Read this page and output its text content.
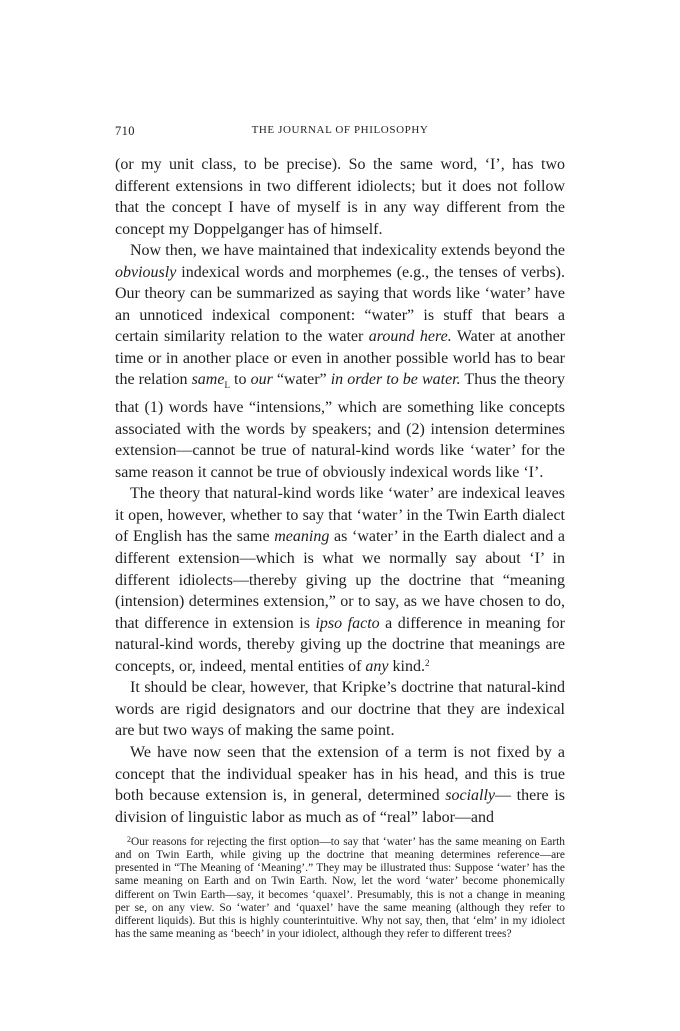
710	THE JOURNAL OF PHILOSOPHY

(or my unit class, to be precise). So the same word, ‘I’, has two different extensions in two different idiolects; but it does not follow that the concept I have of myself is in any way different from the concept my Doppelganger has of himself.

Now then, we have maintained that indexicality extends beyond the obviously indexical words and morphemes (e.g., the tenses of verbs). Our theory can be summarized as saying that words like ‘water’ have an unnoticed indexical component: “water” is stuff that bears a certain similarity relation to the water around here. Water at another time or in another place or even in another possible world has to bear the relation same$_L$ to our “water” in order to be water. Thus the theory that (1) words have “intensions,” which are something like concepts associated with the words by speakers; and (2) intension determines extension—cannot be true of natural-kind words like ‘water’ for the same reason it cannot be true of obviously indexical words like ‘I’.

The theory that natural-kind words like ‘water’ are indexical leaves it open, however, whether to say that ‘water’ in the Twin Earth dialect of English has the same meaning as ‘water’ in the Earth dialect and a different extension—which is what we normally say about ‘I’ in different idiolects—thereby giving up the doctrine that “meaning (intension) determines extension,” or to say, as we have chosen to do, that difference in extension is ipso facto a difference in meaning for natural-kind words, thereby giving up the doctrine that meanings are concepts, or, indeed, mental entities of any kind.$^2$

It should be clear, however, that Kripke’s doctrine that natural-kind words are rigid designators and our doctrine that they are indexical are but two ways of making the same point.

We have now seen that the extension of a term is not fixed by a concept that the individual speaker has in his head, and this is true both because extension is, in general, determined socially— there is division of linguistic labor as much as of “real” labor—and

$^2$Our reasons for rejecting the first option—to say that ‘water’ has the same meaning on Earth and on Twin Earth, while giving up the doctrine that meaning determines reference—are presented in “The Meaning of ‘Meaning’.” They may be illustrated thus: Suppose ‘water’ has the same meaning on Earth and on Twin Earth. Now, let the word ‘water’ become phonemically different on Twin Earth—say, it becomes ‘quaxel’. Presumably, this is not a change in meaning per se, on any view. So ‘water’ and ‘quaxel’ have the same meaning (although they refer to different liquids). But this is highly counterintuitive. Why not say, then, that ‘elm’ in my idiolect has the same meaning as ‘beech’ in your idiolect, although they refer to different trees?
